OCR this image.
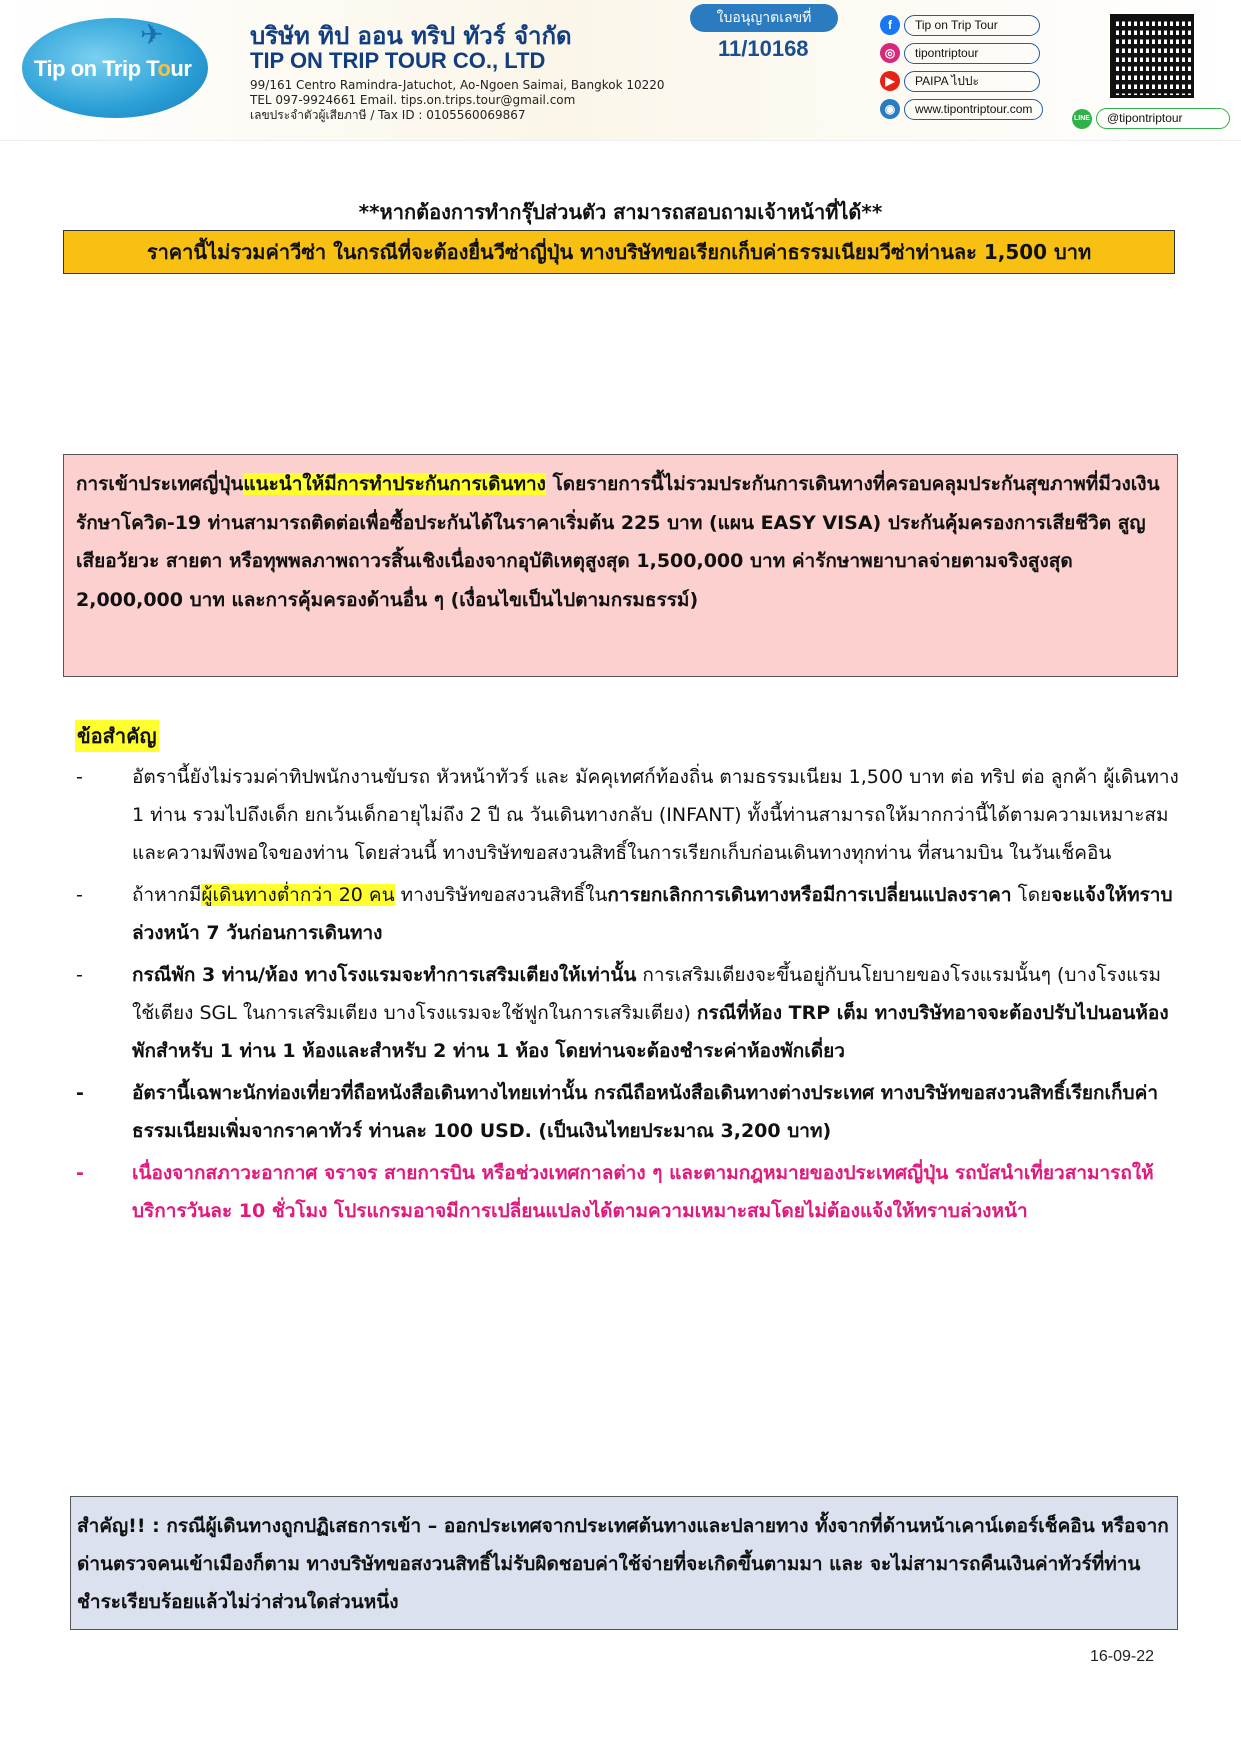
Tip on Trip Tour
✈	บริษัท ทิป ออน ทริป ทัวร์ จำกัด
TIP ON TRIP TOUR CO., LTD
99/161 Centro Ramindra-Jatuchot, Ao-Ngoen Saimai, Bangkok 10220
TEL 097-9924661 Email. tips.on.trips.tour@gmail.com
เลขประจำตัวผู้เสียภาษี / Tax ID : 0105560069867
ใบอนุญาตเลขที่
11/10168
f	Tip on Trip Tour
◎	tipontriptour
▶	PAIPA ไปปะ
◉	www.tipontriptour.com
LINE	@tipontriptour
**หากต้องการทำกรุ๊ปส่วนตัว สามารถสอบถามเจ้าหน้าที่ได้**
ราคานี้ไม่รวมค่าวีซ่า ในกรณีที่จะต้องยื่นวีซ่าญี่ปุ่น ทางบริษัทขอเรียกเก็บค่าธรรมเนียมวีซ่าท่านละ 1,500 บาท
การเข้าประเทศญี่ปุ่นแนะนำให้มีการทำประกันการเดินทาง โดยรายการนี้ไม่รวมประกันการเดินทางที่ครอบคลุมประกันสุขภาพที่มีวงเงินรักษาโควิด-19 ท่านสามารถติดต่อเพื่อซื้อประกันได้ในราคาเริ่มต้น 225 บาท (แผน EASY VISA) ประกันคุ้มครองการเสียชีวิต สูญเสียอวัยวะ สายตา หรือทุพพลภาพถาวรสิ้นเชิงเนื่องจากอุบัติเหตุสูงสุด 1,500,000 บาท ค่ารักษาพยาบาลจ่ายตามจริงสูงสุด 2,000,000 บาท และการคุ้มครองด้านอื่น ๆ (เงื่อนไขเป็นไปตามกรมธรรม์)
ข้อสำคัญ
-	อัตรานี้ยังไม่รวมค่าทิปพนักงานขับรถ หัวหน้าทัวร์ และ มัคคุเทศก์ท้องถิ่น ตามธรรมเนียม 1,500 บาท ต่อ ทริป ต่อ ลูกค้า ผู้เดินทาง 1 ท่าน รวมไปถึงเด็ก ยกเว้นเด็กอายุไม่ถึง 2 ปี ณ วันเดินทางกลับ (INFANT) ทั้งนี้ท่านสามารถให้มากกว่านี้ได้ตามความเหมาะสมและความพึงพอใจของท่าน โดยส่วนนี้ ทางบริษัทขอสงวนสิทธิ์ในการเรียกเก็บก่อนเดินทางทุกท่าน ที่สนามบิน ในวันเช็คอิน
-	ถ้าหากมีผู้เดินทางต่ำกว่า 20 คน ทางบริษัทขอสงวนสิทธิ์ในการยกเลิกการเดินทางหรือมีการเปลี่ยนแปลงราคา โดยจะแจ้งให้ทราบล่วงหน้า 7 วันก่อนการเดินทาง
-	กรณีพัก 3 ท่าน/ห้อง ทางโรงแรมจะทำการเสริมเตียงให้เท่านั้น การเสริมเตียงจะขึ้นอยู่กับนโยบายของโรงแรมนั้นๆ (บางโรงแรมใช้เตียง SGL ในการเสริมเตียง บางโรงแรมจะใช้ฟูกในการเสริมเตียง) กรณีที่ห้อง TRP เต็ม ทางบริษัทอาจจะต้องปรับไปนอนห้องพักสำหรับ 1 ท่าน 1 ห้องและสำหรับ 2 ท่าน 1 ห้อง โดยท่านจะต้องชำระค่าห้องพักเดี่ยว
-	อัตรานี้เฉพาะนักท่องเที่ยวที่ถือหนังสือเดินทางไทยเท่านั้น กรณีถือหนังสือเดินทางต่างประเทศ ทางบริษัทขอสงวนสิทธิ์เรียกเก็บค่าธรรมเนียมเพิ่มจากราคาทัวร์ ท่านละ 100 USD. (เป็นเงินไทยประมาณ 3,200 บาท)
-	เนื่องจากสภาวะอากาศ จราจร สายการบิน หรือช่วงเทศกาลต่าง ๆ และตามกฎหมายของประเทศญี่ปุ่น รถบัสนำเที่ยวสามารถให้บริการวันละ 10 ชั่วโมง โปรแกรมอาจมีการเปลี่ยนแปลงได้ตามความเหมาะสมโดยไม่ต้องแจ้งให้ทราบล่วงหน้า
สำคัญ!! : กรณีผู้เดินทางถูกปฏิเสธการเข้า – ออกประเทศจากประเทศต้นทางและปลายทาง ทั้งจากที่ด้านหน้าเคาน์เตอร์เช็คอิน หรือจากด่านตรวจคนเข้าเมืองก็ตาม ทางบริษัทขอสงวนสิทธิ์ไม่รับผิดชอบค่าใช้จ่ายที่จะเกิดขึ้นตามมา และ จะไม่สามารถคืนเงินค่าทัวร์ที่ท่านชำระเรียบร้อยแล้วไม่ว่าส่วนใดส่วนหนึ่ง
16-09-22
